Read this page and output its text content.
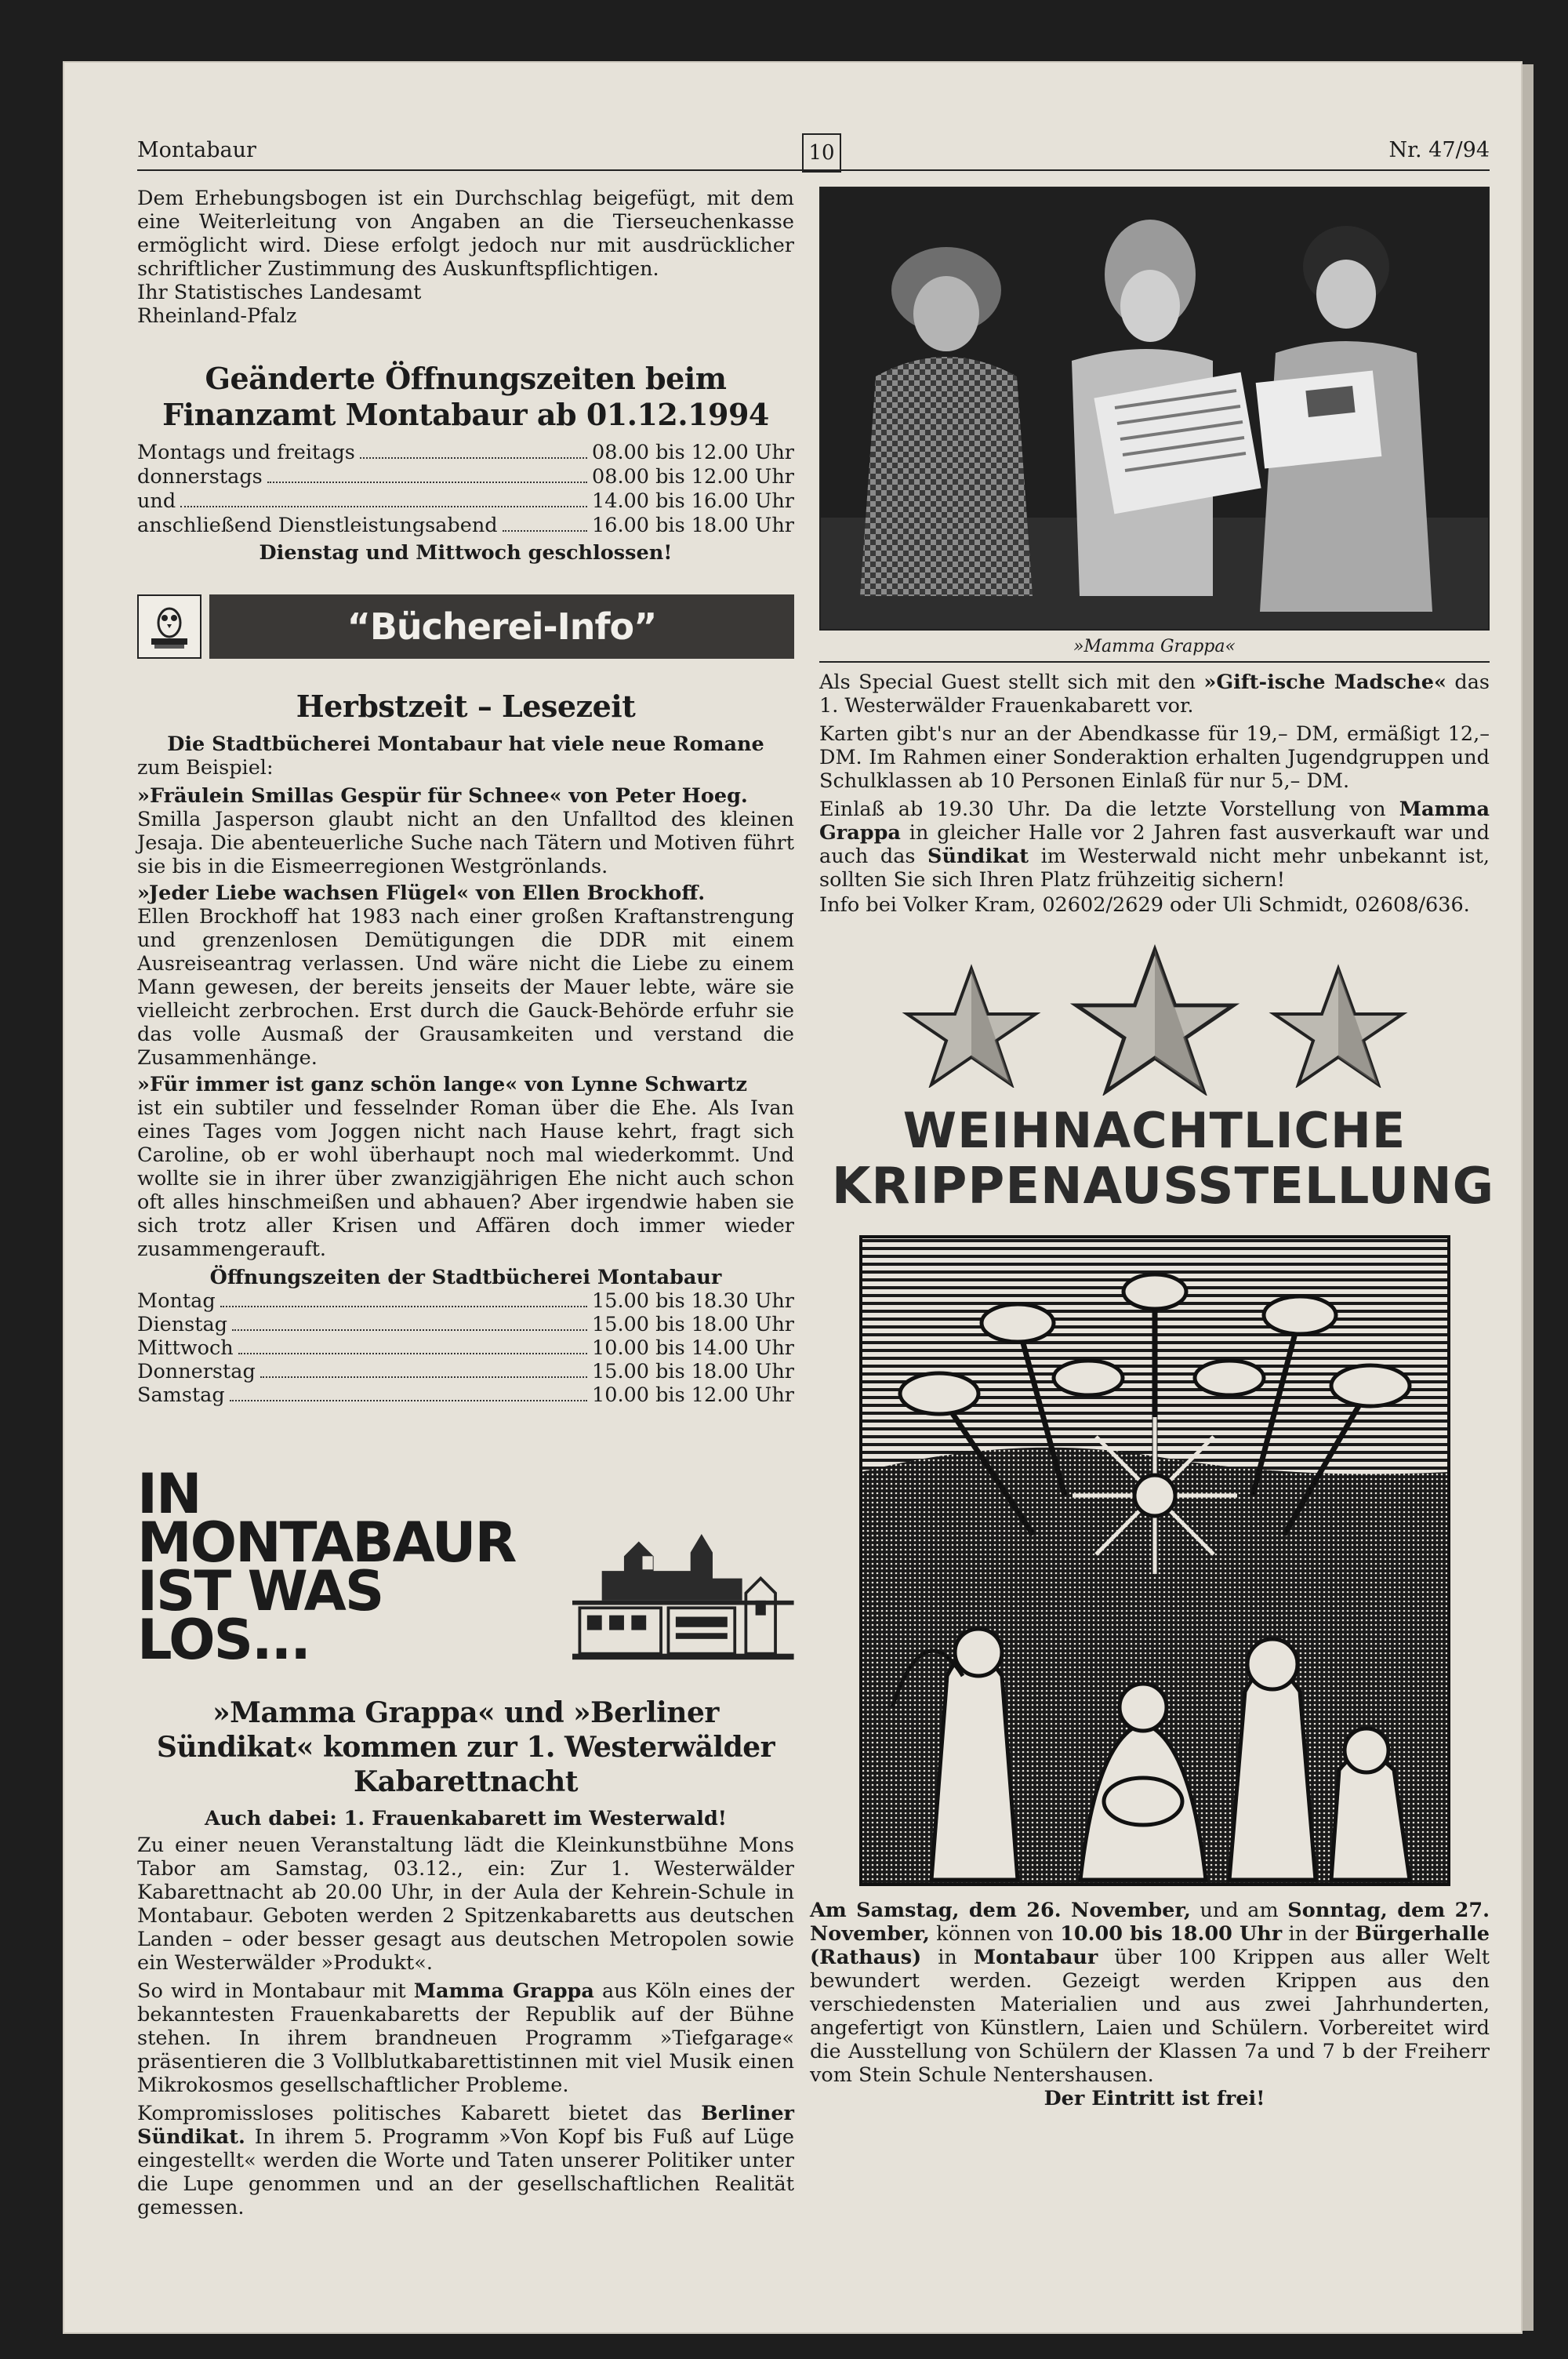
Montabaur	10	Nr. 47/94

Dem Erhebungsbogen ist ein Durchschlag beigefügt, mit dem eine Weiterleitung von Angaben an die Tierseuchenkasse ermöglicht wird. Diese erfolgt jedoch nur mit ausdrücklicher schriftlicher Zustimmung des Auskunftspflichtigen.

Ihr Statistisches Landesamt

Rheinland-Pfalz

Geänderte Öffnungszeiten beim Finanzamt Montabaur ab 01.12.1994
Montags und freitags	08.00 bis 12.00 Uhr
donnerstags	08.00 bis 12.00 Uhr
und	14.00 bis 16.00 Uhr
anschließend Dienstleistungsabend	16.00 bis 18.00 Uhr

Dienstag und Mittwoch geschlossen!

“Bücherei-Info”
Herbstzeit – Lesezeit

Die Stadtbücherei Montabaur hat viele neue Romane

zum Beispiel:

»Fräulein Smillas Gespür für Schnee« von Peter Hoeg.

Smilla Jasperson glaubt nicht an den Unfalltod des kleinen Jesaja. Die abenteuerliche Suche nach Tätern und Motiven führt sie bis in die Eismeerregionen Westgrönlands.

»Jeder Liebe wachsen Flügel« von Ellen Brockhoff.

Ellen Brockhoff hat 1983 nach einer großen Kraftanstrengung und grenzenlosen Demütigungen die DDR mit einem Ausreiseantrag verlassen. Und wäre nicht die Liebe zu einem Mann gewesen, der bereits jenseits der Mauer lebte, wäre sie vielleicht zerbrochen. Erst durch die Gauck-Behörde erfuhr sie das volle Ausmaß der Grausamkeiten und verstand die Zusammenhänge.

»Für immer ist ganz schön lange« von Lynne Schwartz

ist ein subtiler und fesselnder Roman über die Ehe. Als Ivan eines Tages vom Joggen nicht nach Hause kehrt, fragt sich Caroline, ob er wohl überhaupt noch mal wiederkommt. Und wollte sie in ihrer über zwanzigjährigen Ehe nicht auch schon oft alles hinschmeißen und abhauen? Aber irgendwie haben sie sich trotz aller Krisen und Affären doch immer wieder zusammengerauft.

Öffnungszeiten der Stadtbücherei Montabaur

Montag	15.00 bis 18.30 Uhr
Dienstag	15.00 bis 18.00 Uhr
Mittwoch	10.00 bis 14.00 Uhr
Donnerstag	15.00 bis 18.00 Uhr
Samstag	10.00 bis 12.00 Uhr
IN MONTABAUR
IST WAS LOS...
»Mamma Grappa« und »Berliner Sündikat« kommen zur 1. Westerwälder Kabarettnacht

Auch dabei: 1. Frauenkabarett im Westerwald!

Zu einer neuen Veranstaltung lädt die Kleinkunstbühne Mons Tabor am Samstag, 03.12., ein: Zur 1. Westerwälder Kabarettnacht ab 20.00 Uhr, in der Aula der Kehrein-Schule in Montabaur. Geboten werden 2 Spitzenkabaretts aus deutschen Landen – oder besser gesagt aus deutschen Metropolen sowie ein Westerwälder »Produkt«.

So wird in Montabaur mit Mamma Grappa aus Köln eines der bekanntesten Frauenkabaretts der Republik auf der Bühne stehen. In ihrem brandneuen Programm »Tiefgarage« präsentieren die 3 Vollblutkabarettistinnen mit viel Musik einen Mikrokosmos gesellschaftlicher Probleme.

Kompromissloses politisches Kabarett bietet das Berliner Sündikat. In ihrem 5. Programm »Von Kopf bis Fuß auf Lüge eingestellt« werden die Worte und Taten unserer Politiker unter die Lupe genommen und an der gesellschaftlichen Realität gemessen.

»Mamma Grappa«

Als Special Guest stellt sich mit den »Gift-ische Madsche« das 1. Westerwälder Frauenkabarett vor.

Karten gibt's nur an der Abendkasse für 19,– DM, ermäßigt 12,– DM. Im Rahmen einer Sonderaktion erhalten Jugendgruppen und Schulklassen ab 10 Personen Einlaß für nur 5,– DM.

Einlaß ab 19.30 Uhr. Da die letzte Vorstellung von Mamma Grappa in gleicher Halle vor 2 Jahren fast ausverkauft war und auch das Sündikat im Westerwald nicht mehr unbekannt ist, sollten Sie sich Ihren Platz frühzeitig sichern!

Info bei Volker Kram, 02602/2629 oder Uli Schmidt, 02608/636.

WEIHNACHTLICHE
KRIPPENAUSSTELLUNG

Am Samstag, dem 26. November, und am Sonntag, dem 27. November, können von 10.00 bis 18.00 Uhr in der Bürgerhalle (Rathaus) in Montabaur über 100 Krippen aus aller Welt bewundert werden. Gezeigt werden Krippen aus den verschiedensten Materialien und aus zwei Jahrhunderten, angefertigt von Künstlern, Laien und Schülern. Vorbereitet wird die Ausstellung von Schülern der Klassen 7a und 7 b der Freiherr vom Stein Schule Nentershausen.

Der Eintritt ist frei!
